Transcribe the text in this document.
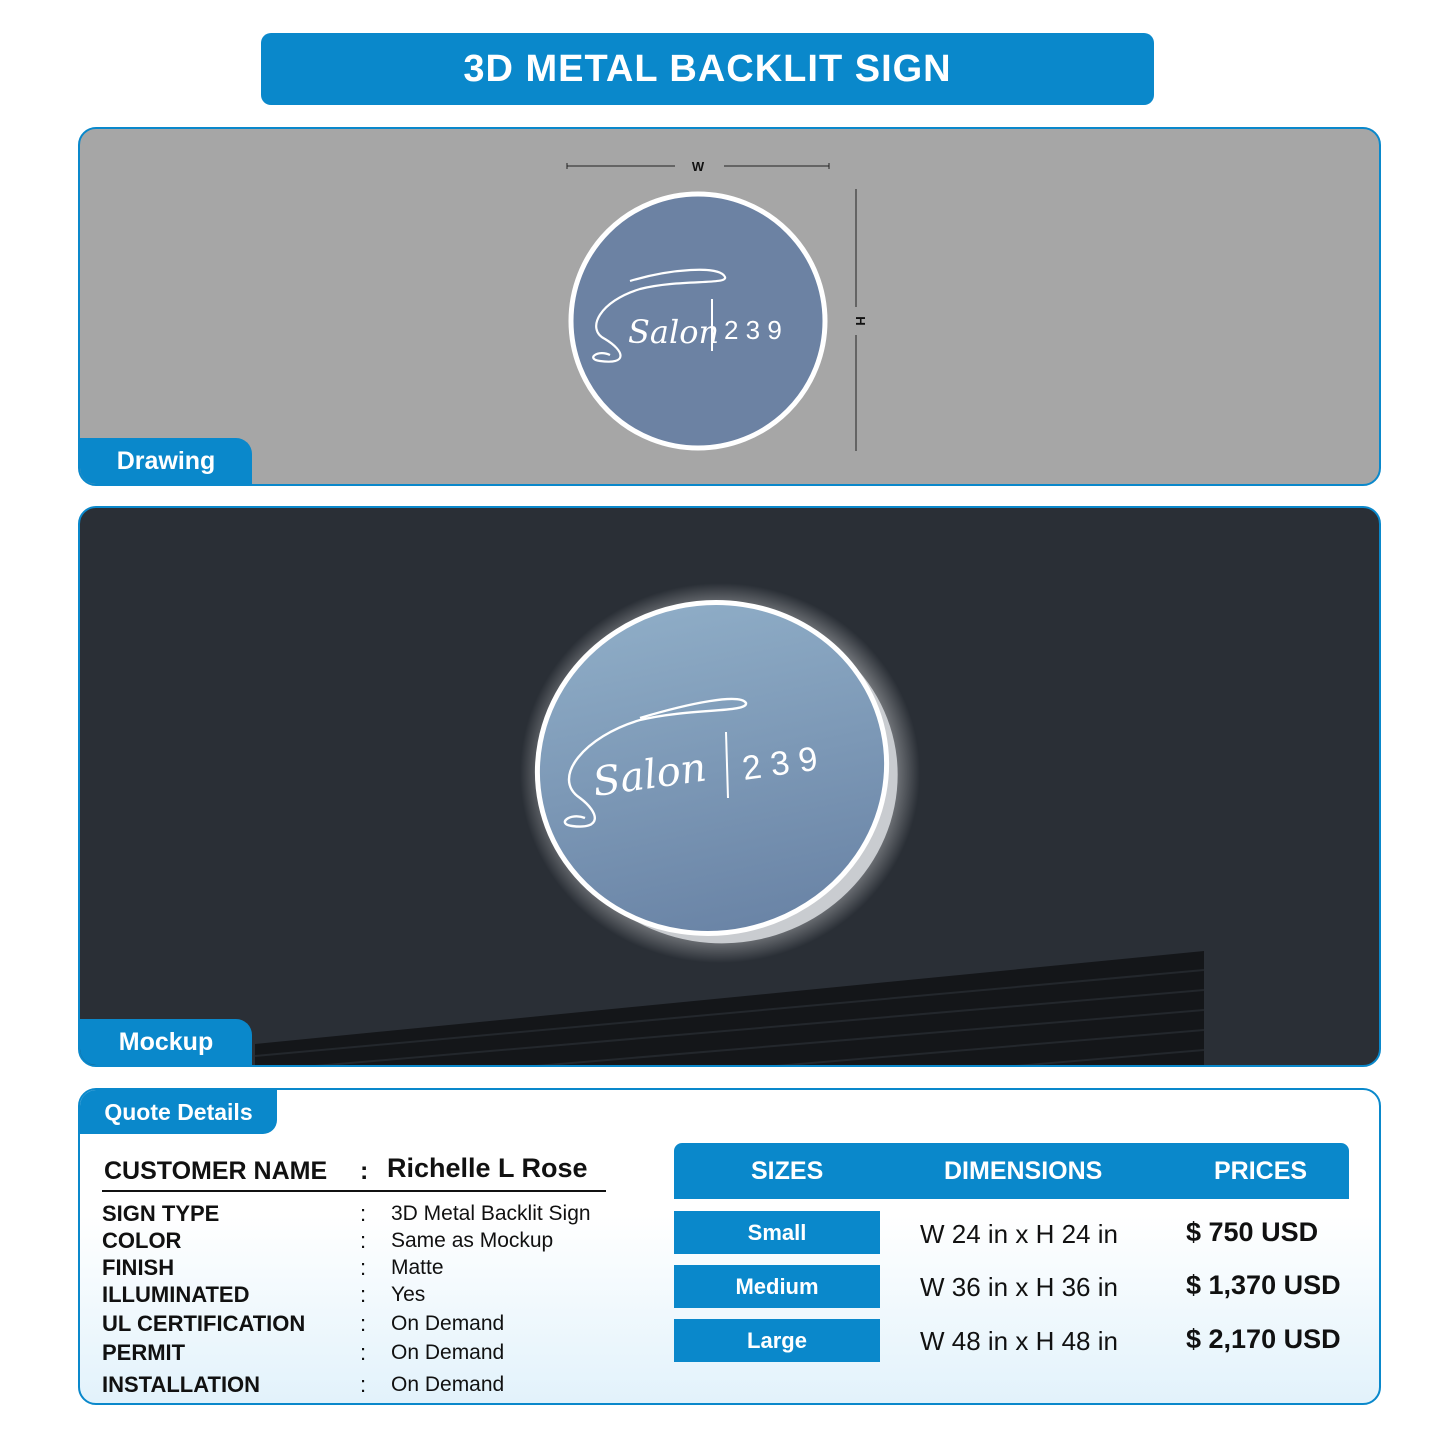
3D METAL BACKLIT SIGN
W
H
Salon 2 3 9
Drawing
Salon 2 3 9
Mockup
Quote Details
CUSTOMER NAME : Richelle L Rose
SIGN TYPE	: 3D Metal Backlit Sign
COLOR	: Same as Mockup
FINISH	: Matte
ILLUMINATED	: Yes
UL CERTIFICATION : On Demand
PERMIT	: On Demand
INSTALLATION	: On Demand
SIZES	DIMENSIONS	PRICES
Small	W 24 in x H 24 in	$ 750 USD
Medium	W 36 in x H 36 in	$ 1,370 USD
Large	W 48 in x H 48 in	$ 2,170 USD
